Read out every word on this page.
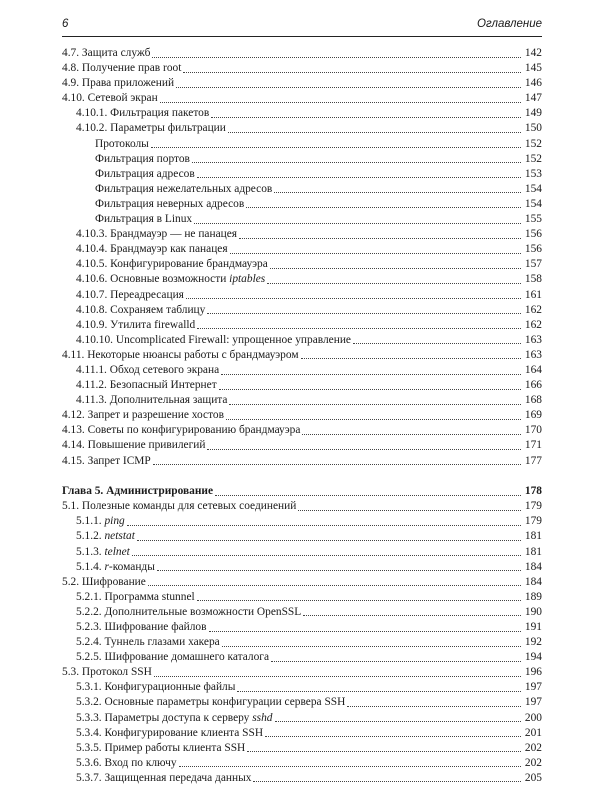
6	Оглавление
4.7. Защита служб	142
4.8. Получение прав root	145
4.9. Права приложений	146
4.10. Сетевой экран	147
4.10.1. Фильтрация пакетов	149
4.10.2. Параметры фильтрации	150
Протоколы	152
Фильтрация портов	152
Фильтрация адресов	153
Фильтрация нежелательных адресов	154
Фильтрация неверных адресов	154
Фильтрация в Linux	155
4.10.3. Брандмауэр — не панацея	156
4.10.4. Брандмауэр как панацея	156
4.10.5. Конфигурирование брандмауэра	157
4.10.6. Основные возможности iptables	158
4.10.7. Переадресация	161
4.10.8. Сохраняем таблицу	162
4.10.9. Утилита firewalld	162
4.10.10. Uncomplicated Firewall: упрощенное управление	163
4.11. Некоторые нюансы работы с брандмауэром	163
4.11.1. Обход сетевого экрана	164
4.11.2. Безопасный Интернет	166
4.11.3. Дополнительная защита	168
4.12. Запрет и разрешение хостов	169
4.13. Советы по конфигурированию брандмауэра	170
4.14. Повышение привилегий	171
4.15. Запрет ICMP	177
Глава 5. Администрирование	178
5.1. Полезные команды для сетевых соединений	179
5.1.1. ping	179
5.1.2. netstat	181
5.1.3. telnet	181
5.1.4. r-команды	184
5.2. Шифрование	184
5.2.1. Программа stunnel	189
5.2.2. Дополнительные возможности OpenSSL	190
5.2.3. Шифрование файлов	191
5.2.4. Туннель глазами хакера	192
5.2.5. Шифрование домашнего каталога	194
5.3. Протокол SSH	196
5.3.1. Конфигурационные файлы	197
5.3.2. Основные параметры конфигурации сервера SSH	197
5.3.3. Параметры доступа к серверу sshd	200
5.3.4. Конфигурирование клиента SSH	201
5.3.5. Пример работы клиента SSH	202
5.3.6. Вход по ключу	202
5.3.7. Защищенная передача данных	205
